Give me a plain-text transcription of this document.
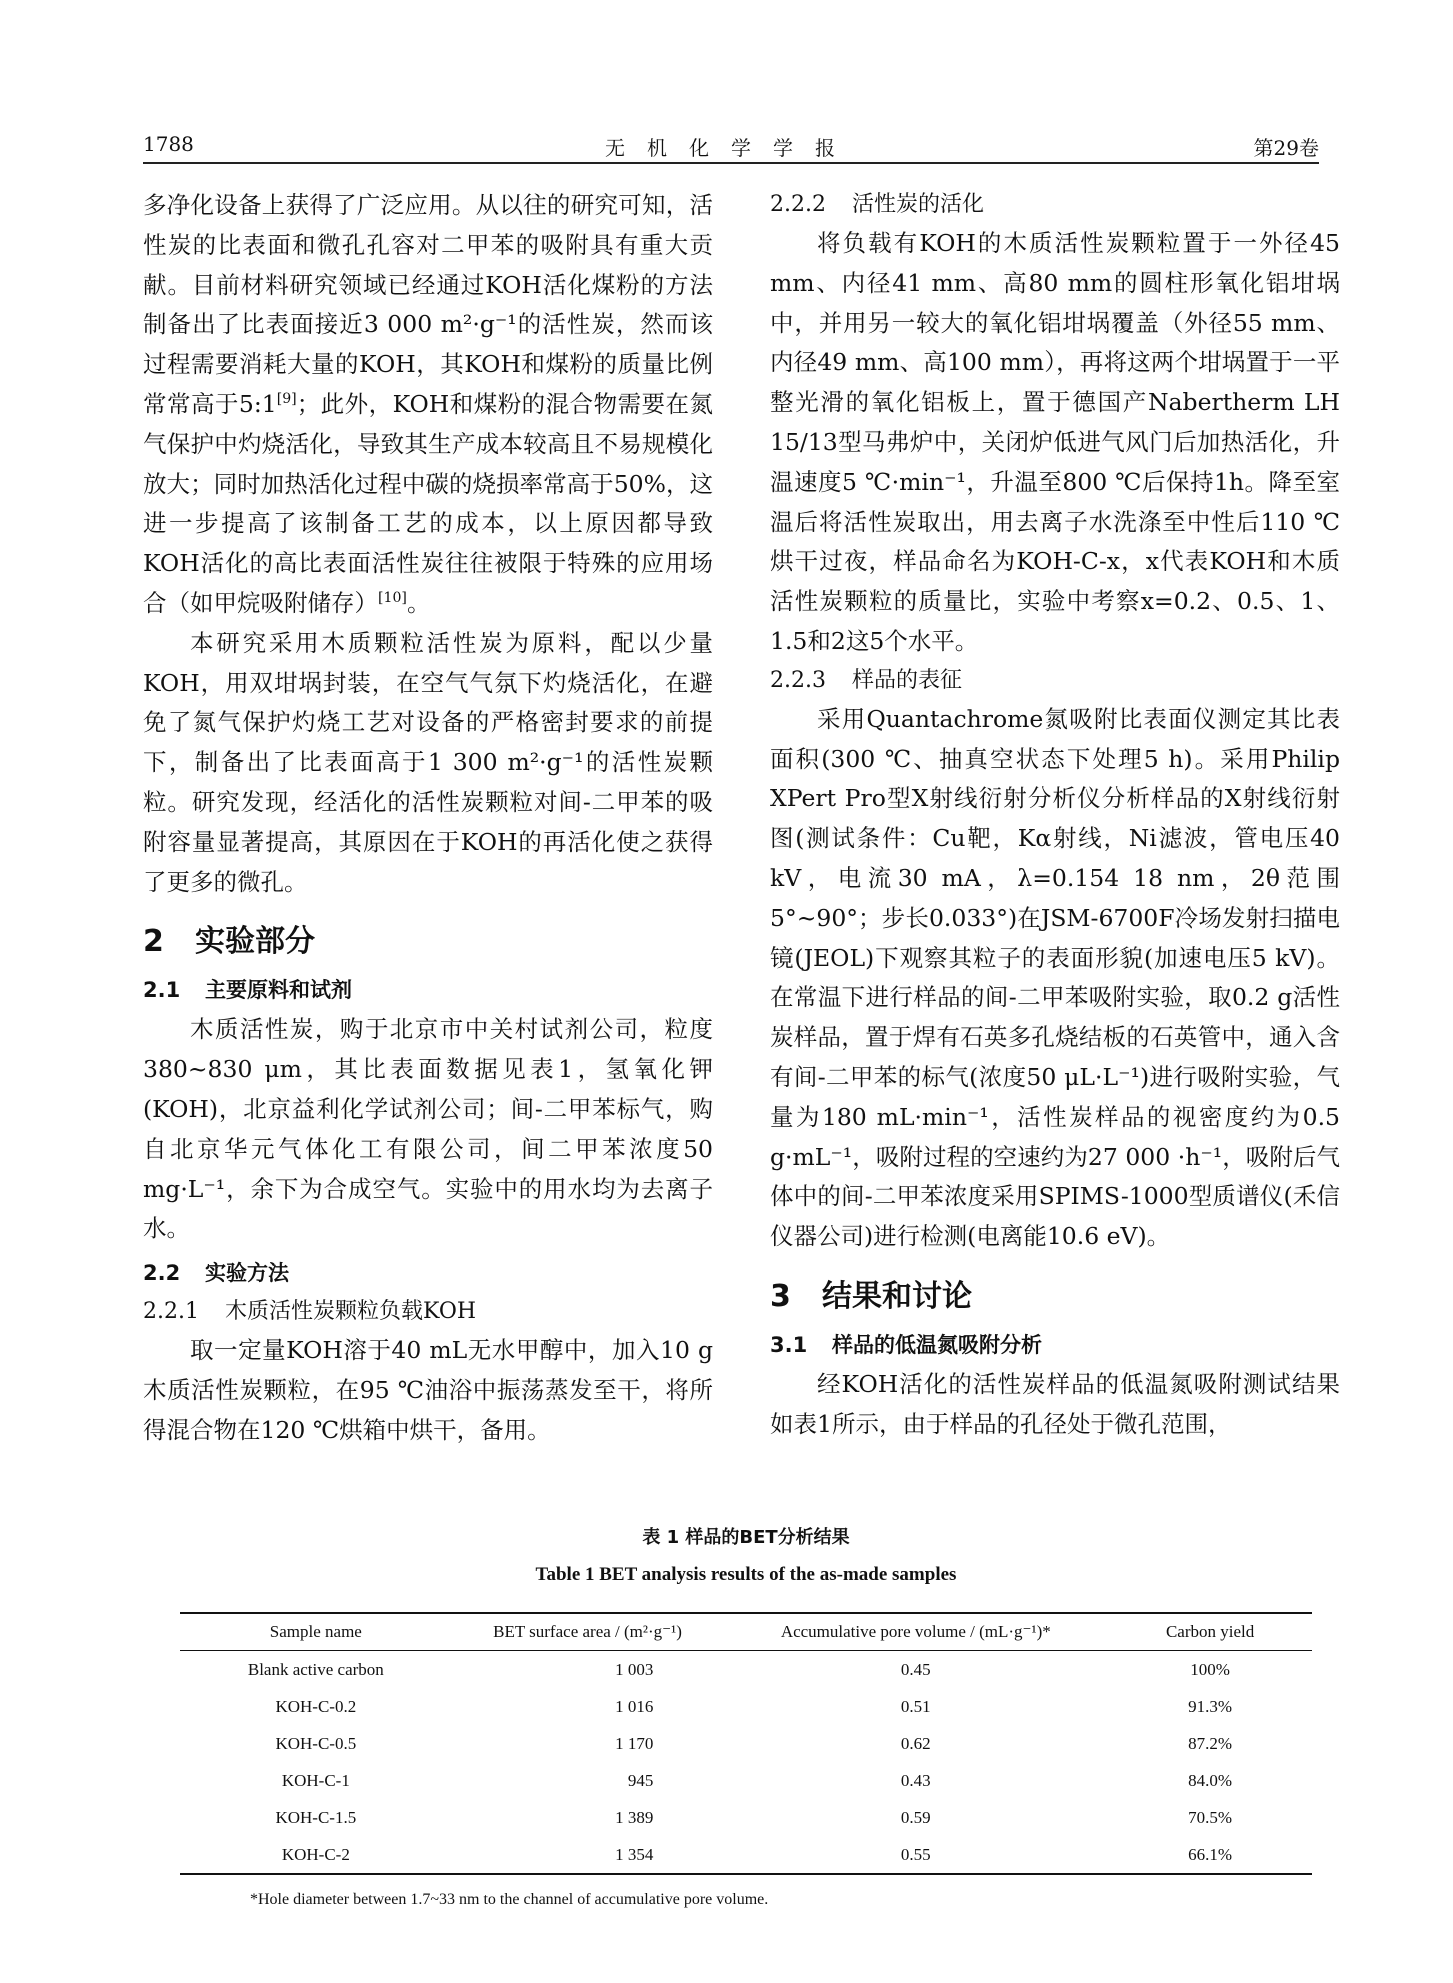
1788	无机化学学报	第29卷

多净化设备上获得了广泛应用。从以往的研究可知，活性炭的比表面和微孔孔容对二甲苯的吸附具有重大贡献。目前材料研究领域已经通过KOH活化煤粉的方法制备出了比表面接近3 000 m²·g⁻¹的活性炭，然而该过程需要消耗大量的KOH，其KOH和煤粉的质量比例常常高于5:1[9]；此外，KOH和煤粉的混合物需要在氮气保护中灼烧活化，导致其生产成本较高且不易规模化放大；同时加热活化过程中碳的烧损率常高于50%，这进一步提高了该制备工艺的成本，以上原因都导致KOH活化的高比表面活性炭往往被限于特殊的应用场合（如甲烷吸附储存）[10]。

本研究采用木质颗粒活性炭为原料，配以少量KOH，用双坩埚封装，在空气气氛下灼烧活化，在避免了氮气保护灼烧工艺对设备的严格密封要求的前提下，制备出了比表面高于1 300 m²·g⁻¹的活性炭颗粒。研究发现，经活化的活性炭颗粒对间-二甲苯的吸附容量显著提高，其原因在于KOH的再活化使之获得了更多的微孔。

2 实验部分
2.1 主要原料和试剂

木质活性炭，购于北京市中关村试剂公司，粒度380~830 μm，其比表面数据见表1，氢氧化钾(KOH)，北京益利化学试剂公司；间-二甲苯标气，购自北京华元气体化工有限公司，间二甲苯浓度50 mg·L⁻¹，余下为合成空气。实验中的用水均为去离子水。

2.2 实验方法
2.2.1 木质活性炭颗粒负载KOH

取一定量KOH溶于40 mL无水甲醇中，加入10 g木质活性炭颗粒，在95 ℃油浴中振荡蒸发至干，将所得混合物在120 ℃烘箱中烘干，备用。

2.2.2 活性炭的活化

将负载有KOH的木质活性炭颗粒置于一外径45 mm、内径41 mm、高80 mm的圆柱形氧化铝坩埚中，并用另一较大的氧化铝坩埚覆盖（外径55 mm、内径49 mm、高100 mm），再将这两个坩埚置于一平整光滑的氧化铝板上，置于德国产Nabertherm LH 15/13型马弗炉中，关闭炉低进气风门后加热活化，升温速度5 ℃·min⁻¹，升温至800 ℃后保持1h。降至室温后将活性炭取出，用去离子水洗涤至中性后110 ℃烘干过夜，样品命名为KOH-C-x，x代表KOH和木质活性炭颗粒的质量比，实验中考察x=0.2、0.5、1、1.5和2这5个水平。

2.2.3 样品的表征

采用Quantachrome氮吸附比表面仪测定其比表面积(300 ℃、抽真空状态下处理5 h)。采用Philip XPert Pro型X射线衍射分析仪分析样品的X射线衍射图(测试条件：Cu靶，Kα射线，Ni滤波，管电压40 kV，电流30 mA，λ=0.154 18 nm，2θ范围5°~90°；步长0.033°)在JSM-6700F冷场发射扫描电镜(JEOL)下观察其粒子的表面形貌(加速电压5 kV)。在常温下进行样品的间-二甲苯吸附实验，取0.2 g活性炭样品，置于焊有石英多孔烧结板的石英管中，通入含有间-二甲苯的标气(浓度50 μL·L⁻¹)进行吸附实验，气量为180 mL·min⁻¹，活性炭样品的视密度约为0.5 g·mL⁻¹，吸附过程的空速约为27 000 ·h⁻¹，吸附后气体中的间-二甲苯浓度采用SPIMS-1000型质谱仪(禾信仪器公司)进行检测(电离能10.6 eV)。

3 结果和讨论
3.1 样品的低温氮吸附分析

经KOH活化的活性炭样品的低温氮吸附测试结果如表1所示，由于样品的孔径处于微孔范围，

表 1 样品的BET分析结果

Table 1 BET analysis results of the as-made samples

Sample name	BET surface area / (m²·g⁻¹)	Accumulative pore volume / (mL·g⁻¹)*	Carbon yield
Blank active carbon	1 003	0.45	100%
KOH-C-0.2	1 016	0.51	91.3%
KOH-C-0.5	1 170	0.62	87.2%
KOH-C-1	945	0.43	84.0%
KOH-C-1.5	1 389	0.59	70.5%
KOH-C-2	1 354	0.55	66.1%

*Hole diameter between 1.7~33 nm to the channel of accumulative pore volume.
